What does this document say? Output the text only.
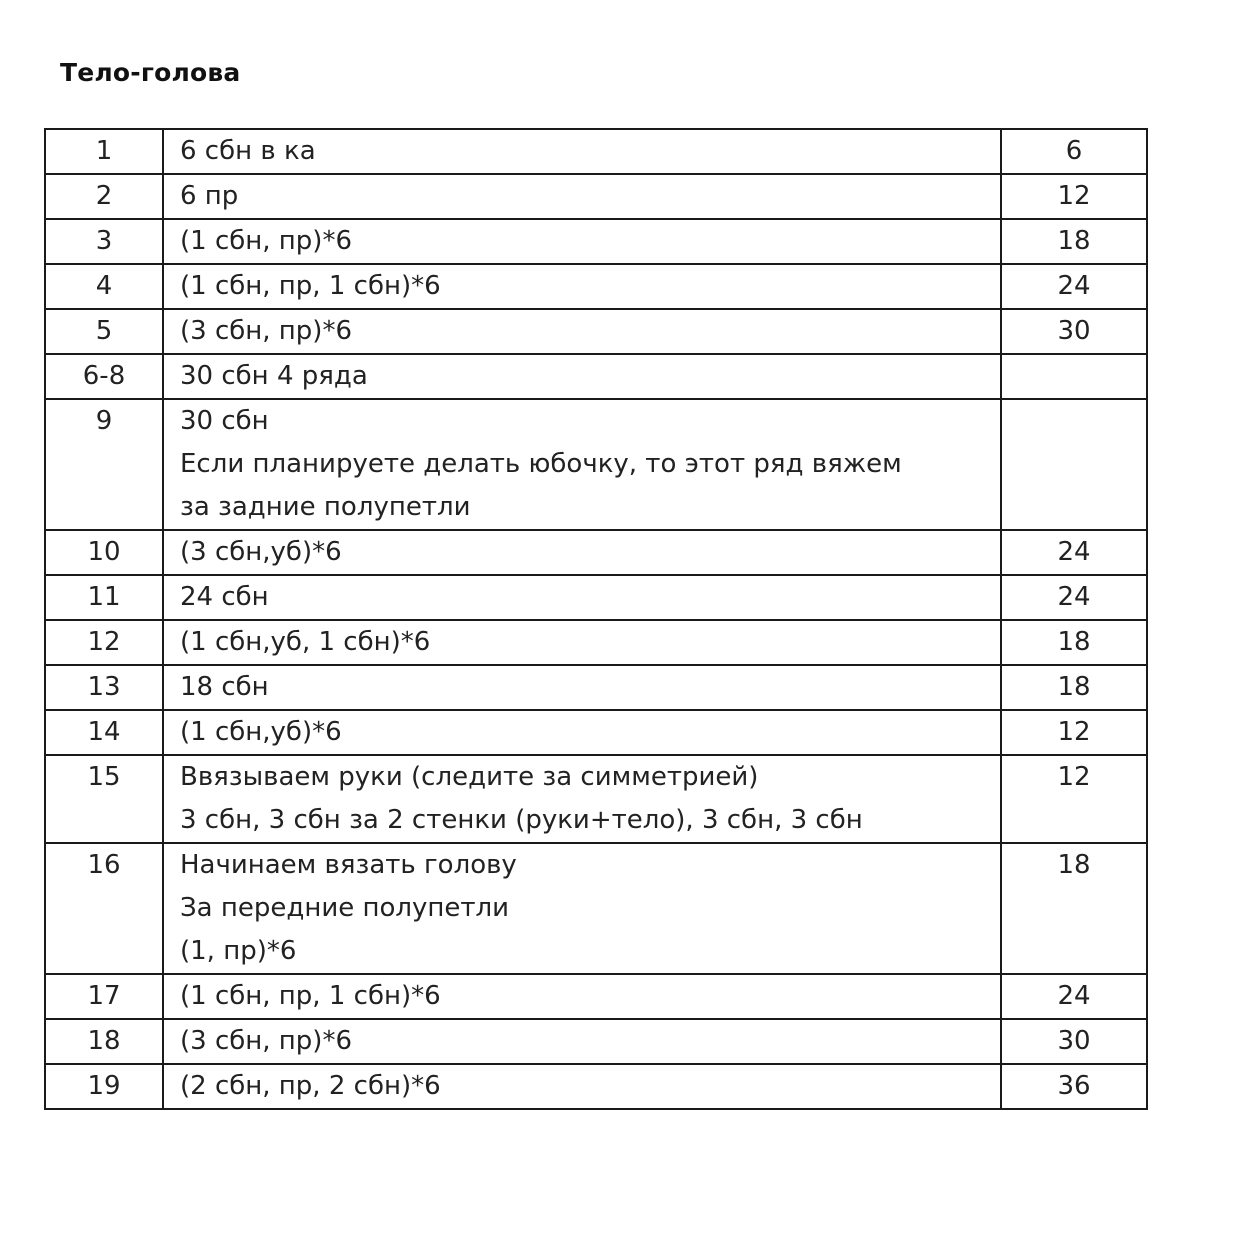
Тело-голова
1	6 сбн в ка	6
2	6 пр	12
3	(1 сбн, пр)*6	18
4	(1 сбн, пр, 1 сбн)*6	24
5	(3 сбн, пр)*6	30
6-8	30 сбн 4 ряда	

9	30 сбн
Если планируете делать юбочку, то этот ряд вяжем
за задние полупетли	

10	(3 сбн,уб)*6	24
11	24 сбн	24
12	(1 сбн,уб, 1 сбн)*6	18
13	18 сбн	18
14	(1 сбн,уб)*6	12
15	Ввязываем руки (следите за симметрией)
3 сбн, 3 сбн за 2 стенки (руки+тело), 3 сбн, 3 сбн	12
16	Начинаем вязать голову
За передние полупетли
(1, пр)*6	18
17	(1 сбн, пр, 1 сбн)*6	24
18	(3 сбн, пр)*6	30
19	(2 сбн, пр, 2 сбн)*6	36
